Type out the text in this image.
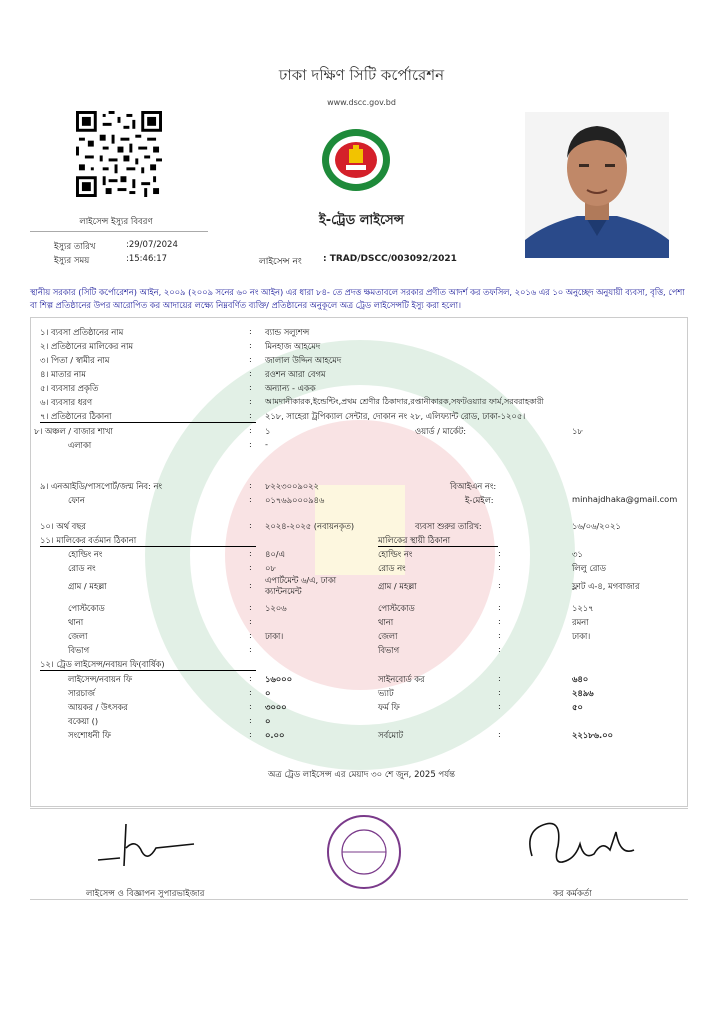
ঢাকা দক্ষিণ সিটি কর্পোরেশন
www.dscc.gov.bd
লাইসেন্স ইস্যুর বিবরণ
ইস্যুর তারিখ	:29/07/2024
ইস্যুর সময়	:15:46:17
ই-ট্রেড লাইসেন্স
লাইসেন্স নং : TRAD/DSCC/003092/2021
স্থানীয় সরকার (সিটি কর্পোরেশন) আইন, ২০০৯ (২০০৯ সনের ৬০ নং আইন) এর ধারা ৮৪- তে প্রদত্ত ক্ষমতাবলে সরকার প্রণীত আদর্শ কর তফসিল, ২০১৬ এর ১০ অনুচ্ছেদ অনুযায়ী ব্যবসা, বৃত্তি, পেশা বা শিল্প প্রতিষ্ঠানের উপর আরোপিত কর আদায়ের লক্ষ্যে নিম্নবর্ণিত ব্যক্তি/ প্রতিষ্ঠানের অনুকূলে অত্র ট্রেড লাইসেন্সটি ইস্যু করা হলো।
১। ব্যবসা প্রতিষ্ঠানের নাম	: ব্যান্ড সল্যুশন্স
২। প্রতিষ্ঠানের মালিকের নাম	: মিনহাজ আহমেদ
৩। পিতা / স্বামীর নাম	: জালাল উদ্দিন আহমেদ
৪। মাতার নাম	: রওশন আরা বেগম
৫। ব্যবসার প্রকৃতি	: অন্যান্য - একক
৬। ব্যবসার ধরণ	: আমদানীকারক,ইন্ডেন্টিং,প্রথম শ্রেণীর ঠিকাদার,রপ্তানীকারক,সফটওয়্যার ফার্ম,সরবরাহকারী
৭। প্রতিষ্ঠানের ঠিকানা	: ২১৮, সাহেরা ট্রপিক্যাল সেন্টার, দোকান নং ২৮, এলিফ্যান্ট রোড, ঢাকা-১২০৫।
৮। অঞ্চল / বাজার শাখা	: ১	ওয়ার্ড / মার্কেট:	১৮
এলাকা	: -
৯। এনআইডি/পাসপোর্ট/জন্ম নিব: নং	: ৮২২৩০০৯০২২	বিআইএন নং:
ফোন	: ০১৭৬৯০০০৯৪৬	ই-মেইল:	minhajdhaka@gmail.com
১০। অর্থ বছর	: ২০২৪-২০২৫ (নবায়নকৃত)	ব্যবসা শুরুর তারিখ:	১৬/০৬/২০২১
১১। মালিকের বর্তমান ঠিকানা	মালিকের স্থায়ী ঠিকানা
হোল্ডিং নং	: ৪০/এ	হোল্ডিং নং	:	৩১
রোড নং	: ০৮	রোড নং	:	লিলু রোড
গ্রাম / মহল্লা	: এপার্টমেন্ট ৬/এ, ঢাকা ক্যান্টনমেন্ট	গ্রাম / মহল্লা	:	ফ্লাট এ-৪, মগবাজার
পোস্টকোড	: ১২০৬	পোস্টকোড	:	১২১৭
থানা	:	থানা	:	রমনা
জেলা	: ঢাকা।	জেলা	:	ঢাকা।
বিভাগ	:	বিভাগ	:
১২। ট্রেড লাইসেন্স/নবায়ন ফি(বার্ষিক)
লাইসেন্স/নবায়ন ফি	: ১৬০০০	সাইনবোর্ড কর	:	৬৪০
সারচার্জ	: ০	ভ্যাট	:	২৪৯৬
আয়কর / উৎসকর	: ৩০০০	ফর্ম ফি	:	৫০
বকেয়া ()	: ০
সংশোধনী ফি	: ০.০০	সর্বমোট	:	২২১৮৬.০০
অত্র ট্রেড লাইসেন্স এর মেয়াদ ৩০ শে জুন, 2025 পর্যন্ত
লাইসেন্স ও বিজ্ঞাপন সুপারভাইজার	কর কর্মকর্তা
